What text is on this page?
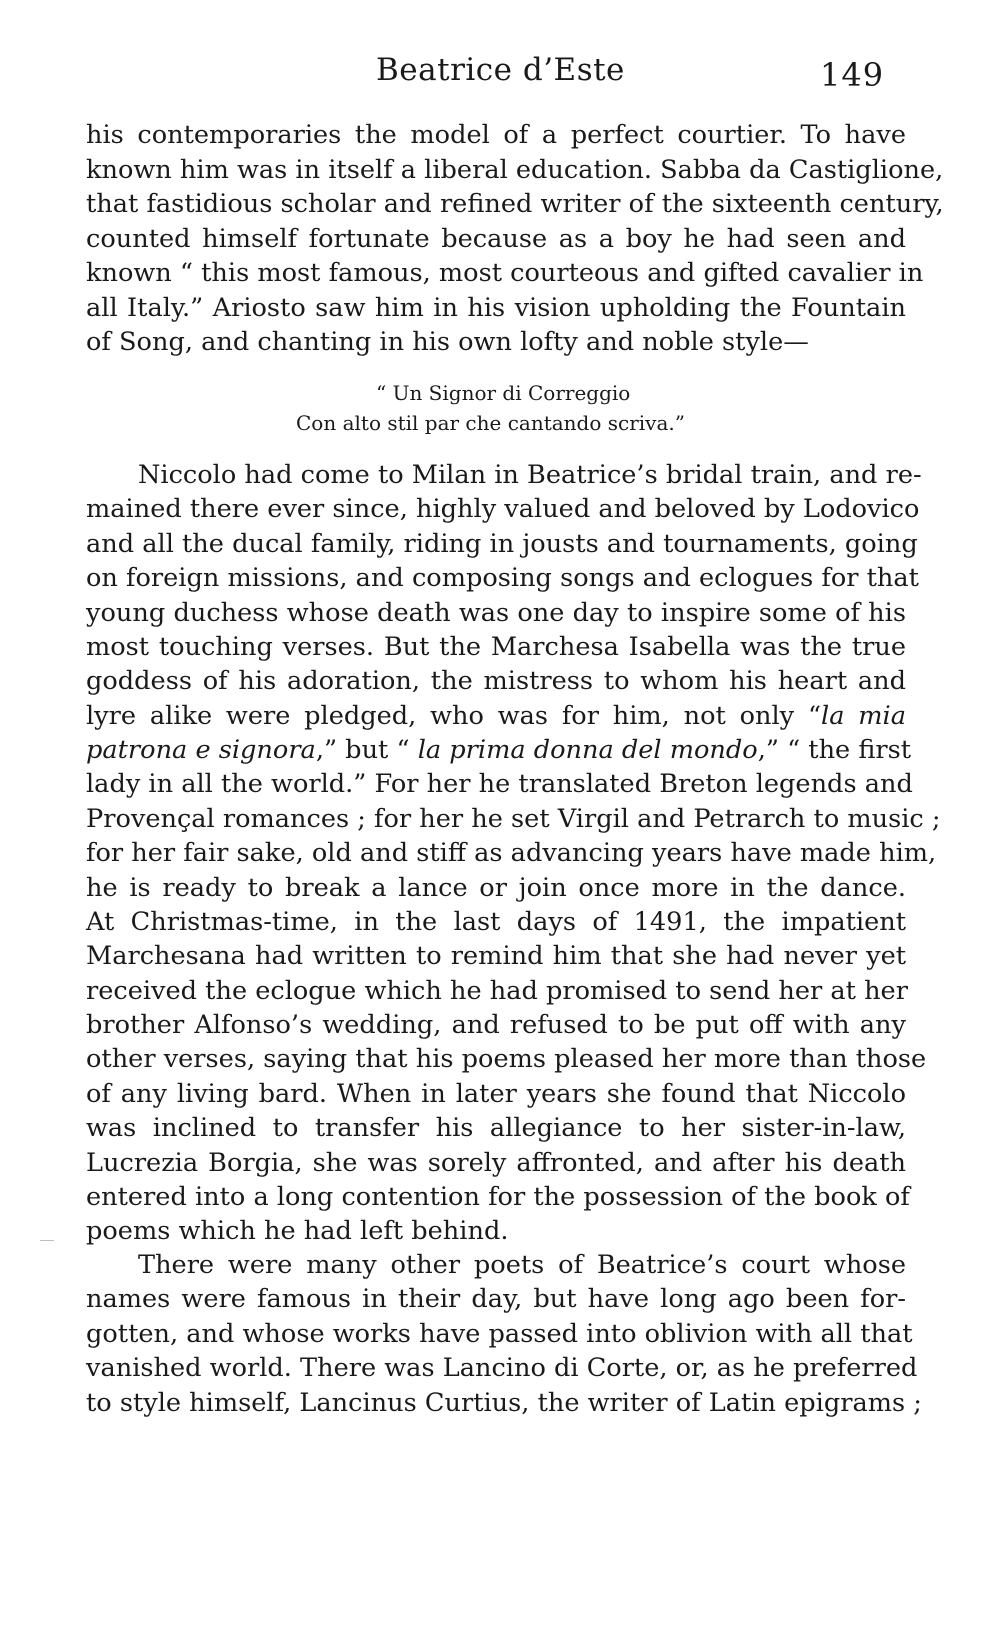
Beatrice d’Este	149
his contemporaries the model of a perfect courtier. To have
known him was in itself a liberal education. Sabba da Castiglione,
that fastidious scholar and refined writer of the sixteenth century,
counted himself fortunate because as a boy he had seen and
known “ this most famous, most courteous and gifted cavalier in
all Italy.” Ariosto saw him in his vision upholding the Fountain
of Song, and chanting in his own lofty and noble style—
“ Un Signor di Correggio
Con alto stil par che cantando scriva.”
Niccolo had come to Milan in Beatrice’s bridal train, and re-
mained there ever since, highly valued and beloved by Lodovico
and all the ducal family, riding in jousts and tournaments, going
on foreign missions, and composing songs and eclogues for that
young duchess whose death was one day to inspire some of his
most touching verses. But the Marchesa Isabella was the true
goddess of his adoration, the mistress to whom his heart and
lyre alike were pledged, who was for him, not only “la mia
patrona e signora,” but “ la prima donna del mondo,” “ the first
lady in all the world.” For her he translated Breton legends and
Provençal romances ; for her he set Virgil and Petrarch to music ;
for her fair sake, old and stiff as advancing years have made him,
he is ready to break a lance or join once more in the dance.
At Christmas-time, in the last days of 1491, the impatient
Marchesana had written to remind him that she had never yet
received the eclogue which he had promised to send her at her
brother Alfonso’s wedding, and refused to be put off with any
other verses, saying that his poems pleased her more than those
of any living bard. When in later years she found that Niccolo
was inclined to transfer his allegiance to her sister-in-law,
Lucrezia Borgia, she was sorely affronted, and after his death
entered into a long contention for the possession of the book of
poems which he had left behind.
There were many other poets of Beatrice’s court whose
names were famous in their day, but have long ago been for-
gotten, and whose works have passed into oblivion with all that
vanished world. There was Lancino di Corte, or, as he preferred
to style himself, Lancinus Curtius, the writer of Latin epigrams ;
